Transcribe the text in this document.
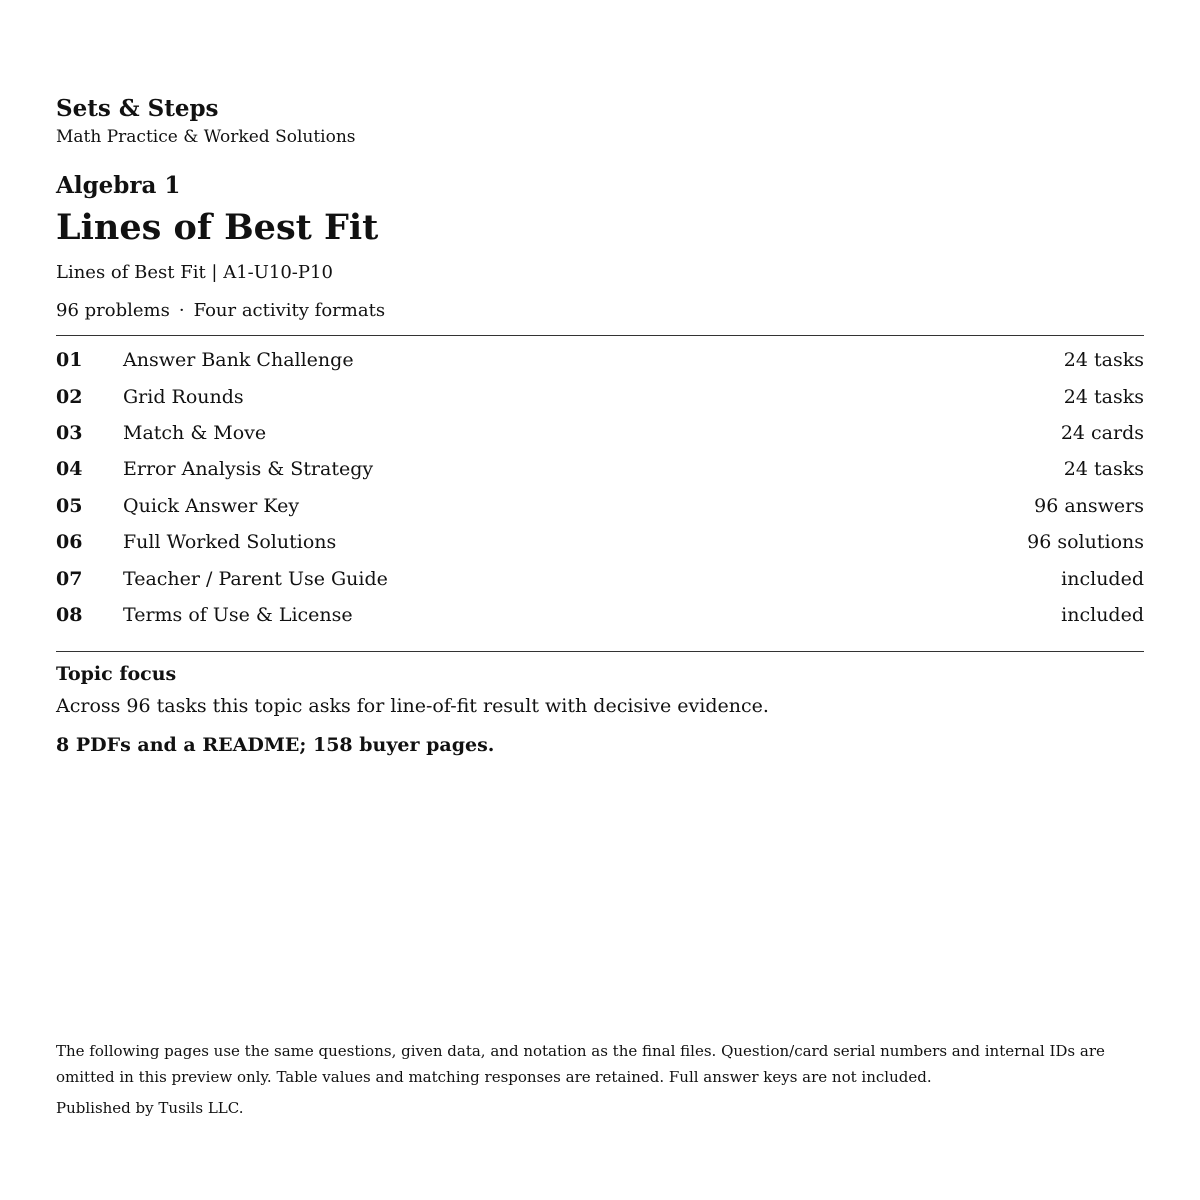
Sets & Steps
Math Practice & Worked Solutions
Algebra 1
Lines of Best Fit
Lines of Best Fit | A1-U10-P10
96 problems · Four activity formats
01	Answer Bank Challenge	24 tasks
02	Grid Rounds	24 tasks
03	Match & Move	24 cards
04	Error Analysis & Strategy	24 tasks
05	Quick Answer Key	96 answers
06	Full Worked Solutions	96 solutions
07	Teacher / Parent Use Guide	included
08	Terms of Use & License	included
Topic focus
Across 96 tasks this topic asks for line-of-fit result with decisive evidence.
8 PDFs and a README; 158 buyer pages.

The following pages use the same questions, given data, and notation as the final files. Question/card serial numbers and internal IDs are omitted in this preview only. Table values and matching responses are retained. Full answer keys are not included.

Published by Tusils LLC.
